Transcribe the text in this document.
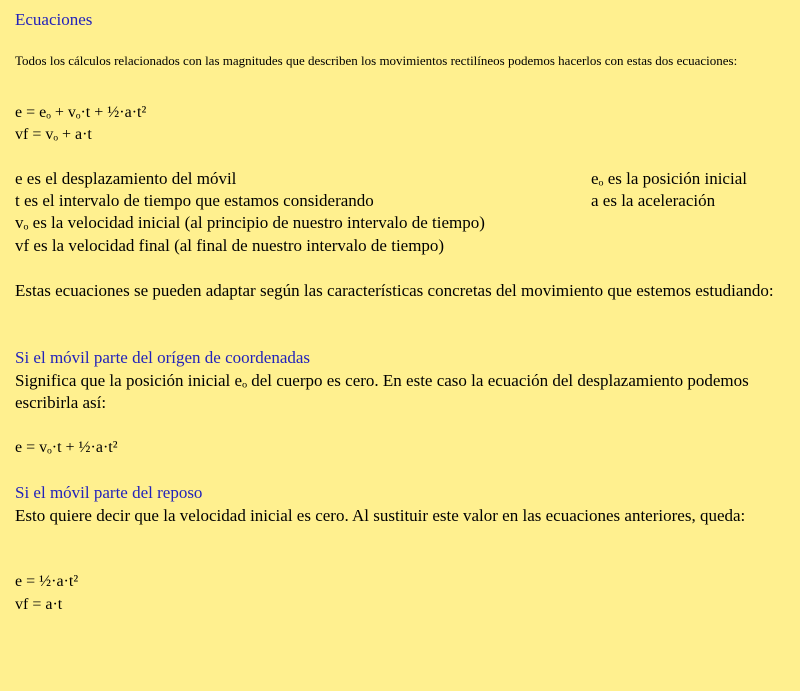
Ecuaciones
Todos los cálculos relacionados con las magnitudes que describen los movimientos rectilíneos podemos hacerlos con estas dos ecuaciones:
e = eₒ + vₒ·t + ½·a·t²
vf = vₒ + a·t
e es el desplazamiento del móvil	eₒ es la posición inicial
t es el intervalo de tiempo que estamos considerando	a es la aceleración
vₒ es la velocidad inicial (al principio de nuestro intervalo de tiempo)
vf es la velocidad final (al final de nuestro intervalo de tiempo)
Estas ecuaciones se pueden adaptar según las características concretas del movimiento que estemos estudiando:
Si el móvil parte del orígen de coordenadas
Significa que la posición inicial eₒ del cuerpo es cero. En este caso la ecuación del desplazamiento podemos escribirla así:
e = vₒ·t + ½·a·t²
Si el móvil parte del reposo
Esto quiere decir que la velocidad inicial es cero. Al sustituir este valor en las ecuaciones anteriores, queda:
e = ½·a·t²
vf = a·t
